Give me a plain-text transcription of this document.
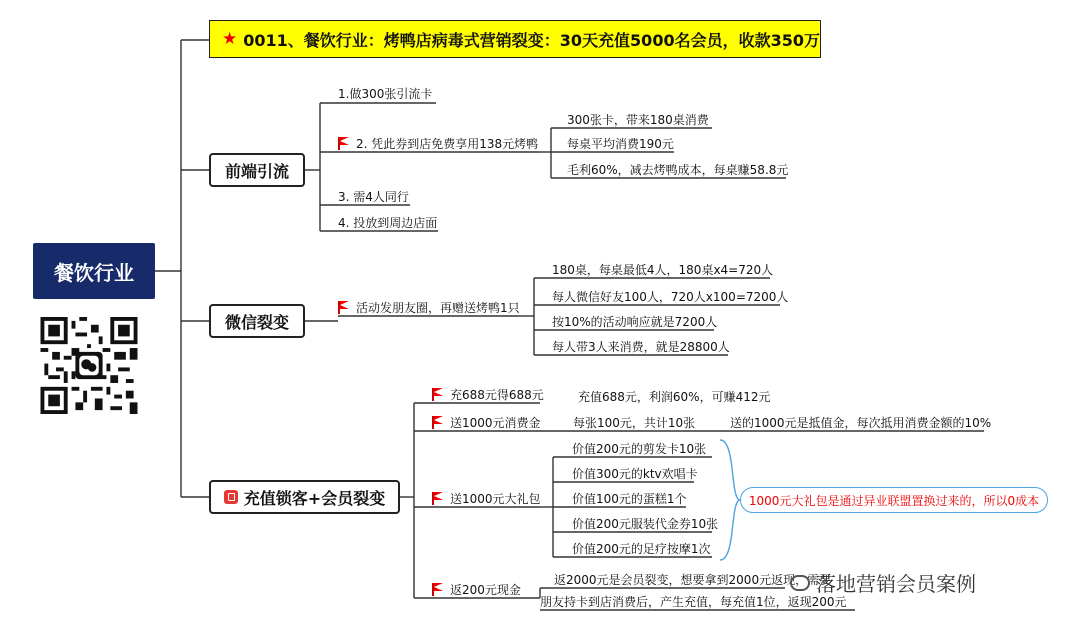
★ 0011、餐饮行业：烤鸭店病毒式营销裂变：30天充值5000名会员，收款350万
餐饮行业
前端引流
微信裂变
充值锁客+会员裂变
1.做300张引流卡
2. 凭此券到店免费享用138元烤鸭
3. 需4人同行
4. 投放到周边店面
300张卡，带来180桌消费
每桌平均消费190元
毛利60%，减去烤鸭成本，每桌赚58.8元
活动发朋友圈，再赠送烤鸭1只
180桌，每桌最低4人，180桌x4=720人
每人微信好友100人，720人x100=7200人
按10%的活动响应就是7200人
每人带3人来消费，就是28800人
充688元得688元	充值688元，利润60%，可赚412元
送1000元消费金	每张100元，共计10张	送的1000元是抵值金，每次抵用消费金额的10%
送1000元大礼包
价值200元的剪发卡10张
价值300元的ktv欢唱卡
价值100元的蛋糕1个
价值200元服装代金券10张
价值200元的足疗按摩1次
1000元大礼包是通过异业联盟置换过来的，所以0成本
返200元现金
返2000元是会员裂变，想要拿到2000元返现，需要
朋友持卡到店消费后，产生充值，每充值1位，返现200元
落地营销会员案例
